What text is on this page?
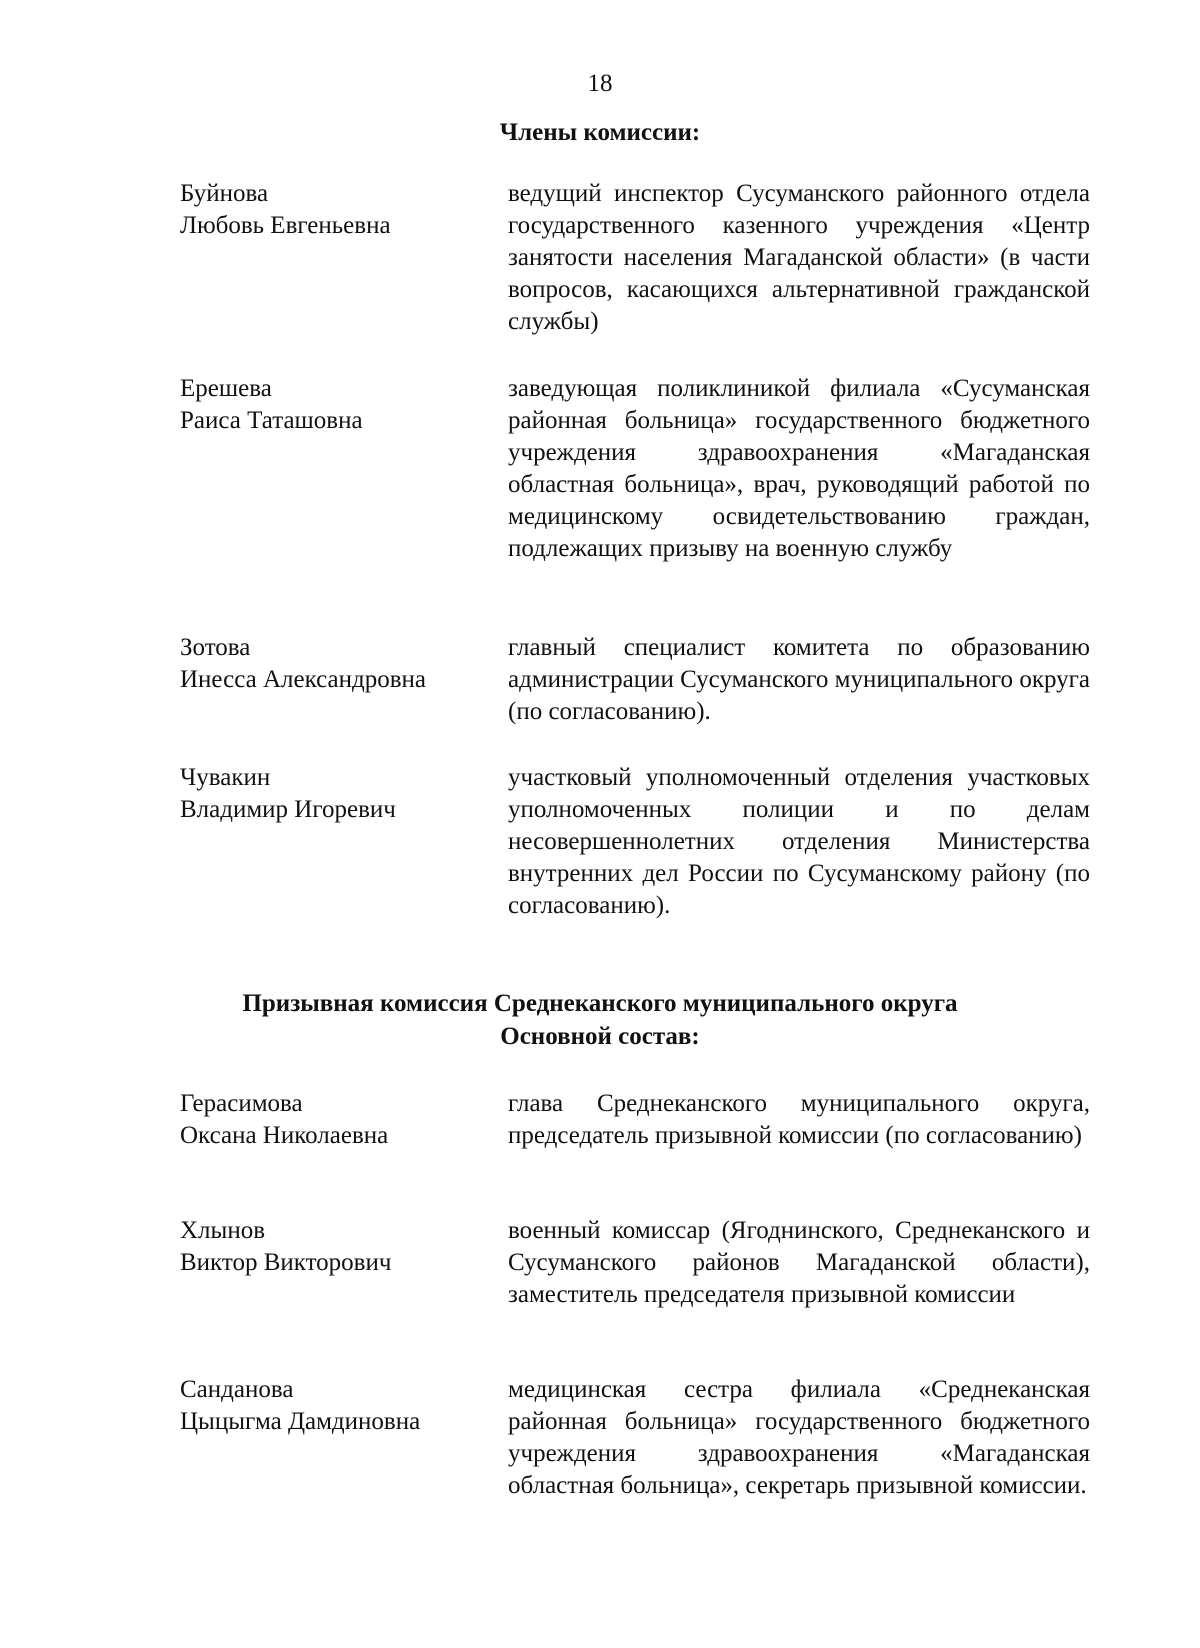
18
Члены комиссии:
Буйнова
Любовь Евгеньевна
ведущий инспектор Сусуманского районного отдела государственного казенного учреждения «Центр занятости населения Магаданской области» (в части вопросов, касающихся альтернативной гражданской службы)
Ерешева
Раиса Таташовна
заведующая поликлиникой филиала «Сусуманская районная больница» государственного бюджетного учреждения здравоохранения «Магаданская областная больница», врач, руководящий работой по медицинскому освидетельствованию граждан, подлежащих призыву на военную службу
Зотова
Инесса Александровна
главный специалист комитета по образованию администрации Сусуманского муниципального округа (по согласованию).
Чувакин
Владимир Игоревич
участковый уполномоченный отделения участковых уполномоченных полиции и по делам несовершеннолетних отделения Министерства внутренних дел России по Сусуманскому району (по согласованию).
Призывная комиссия Среднеканского муниципального округа
Основной состав:
Герасимова
Оксана Николаевна
глава Среднеканского муниципального округа, председатель призывной комиссии (по согласованию)
Хлынов
Виктор Викторович
военный комиссар (Ягоднинского, Среднеканского и Сусуманского районов Магаданской области), заместитель председателя призывной комиссии
Санданова
Цыцыгма Дамдиновна
медицинская сестра филиала «Среднеканская районная больница» государственного бюджетного учреждения здравоохранения «Магаданская областная больница», секретарь призывной комиссии.
